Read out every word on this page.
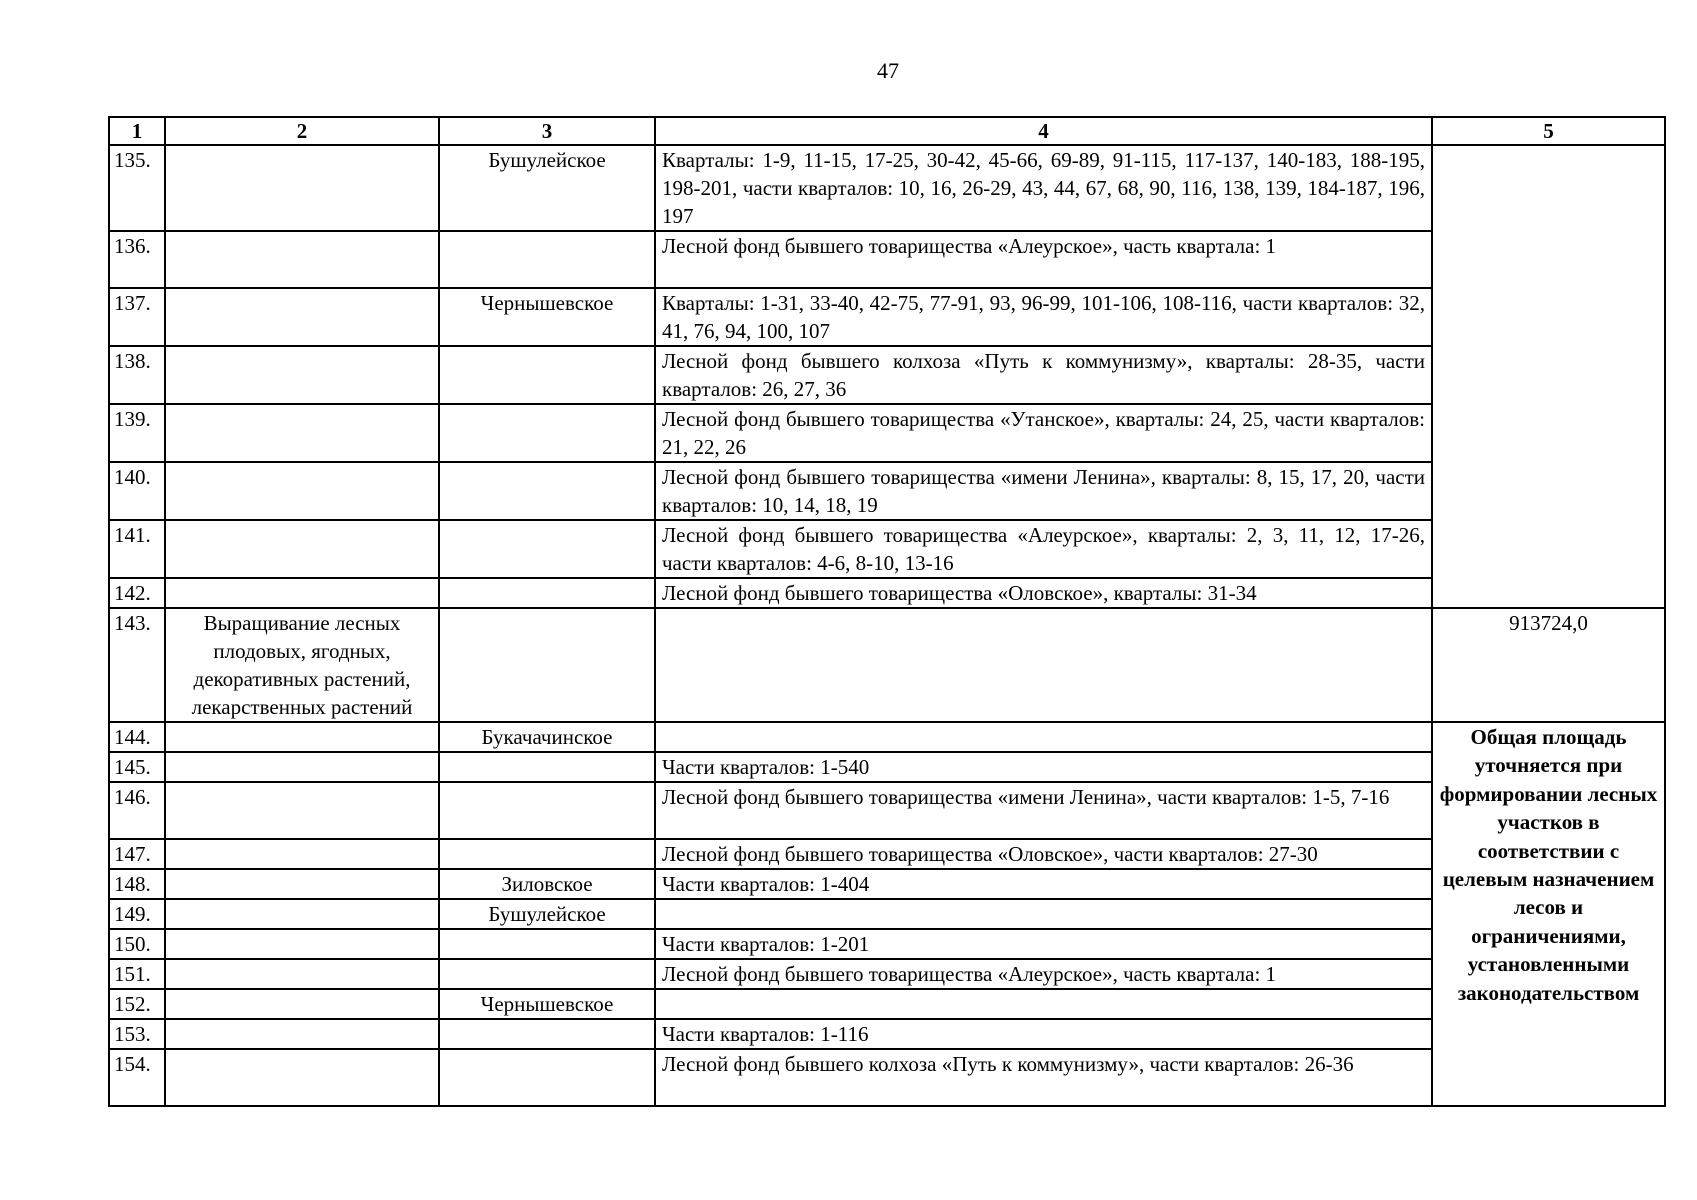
47
1	2	3	4	5
135.		Бушулейское	Кварталы: 1-9, 11-15, 17-25, 30-42, 45-66, 69-89, 91-115, 117-137, 140-183, 188-195, 198-201, части кварталов: 10, 16, 26-29, 43, 44, 67, 68, 90, 116, 138, 139, 184-187, 196, 197	
136.			Лесной фонд бывшего товарищества «Алеурское», часть квартала: 1	
137.		Чернышевское	Кварталы: 1-31, 33-40, 42-75, 77-91, 93, 96-99, 101-106, 108-116, части кварталов: 32, 41, 76, 94, 100, 107	
138.			Лесной фонд бывшего колхоза «Путь к коммунизму», кварталы: 28-35, части кварталов: 26, 27, 36	
139.			Лесной фонд бывшего товарищества «Утанское», кварталы: 24, 25, части кварталов: 21, 22, 26	
140.			Лесной фонд бывшего товарищества «имени Ленина», кварталы: 8, 15, 17, 20, части кварталов: 10, 14, 18, 19	
141.			Лесной фонд бывшего товарищества «Алеурское», кварталы: 2, 3, 11, 12, 17-26, части кварталов: 4-6, 8-10, 13-16	
142.			Лесной фонд бывшего товарищества «Оловское», кварталы: 31-34	
143.	Выращивание лесных плодовых, ягодных, декоративных растений, лекарственных растений			913724,0
144.		Букачачинское		Общая площадь уточняется при формировании лесных участков в соответствии с целевым назначением лесов и ограничениями, установленными законодательством
145.			Части кварталов: 1-540	
146.			Лесной фонд бывшего товарищества «имени Ленина», части кварталов: 1-5, 7-16	
147.			Лесной фонд бывшего товарищества «Оловское», части кварталов: 27-30	
148.		Зиловское	Части кварталов: 1-404	
149.		Бушулейское		
150.			Части кварталов: 1-201	
151.			Лесной фонд бывшего товарищества «Алеурское», часть квартала: 1	
152.		Чернышевское		
153.			Части кварталов: 1-116	
154.			Лесной фонд бывшего колхоза «Путь к коммунизму», части кварталов: 26-36	
